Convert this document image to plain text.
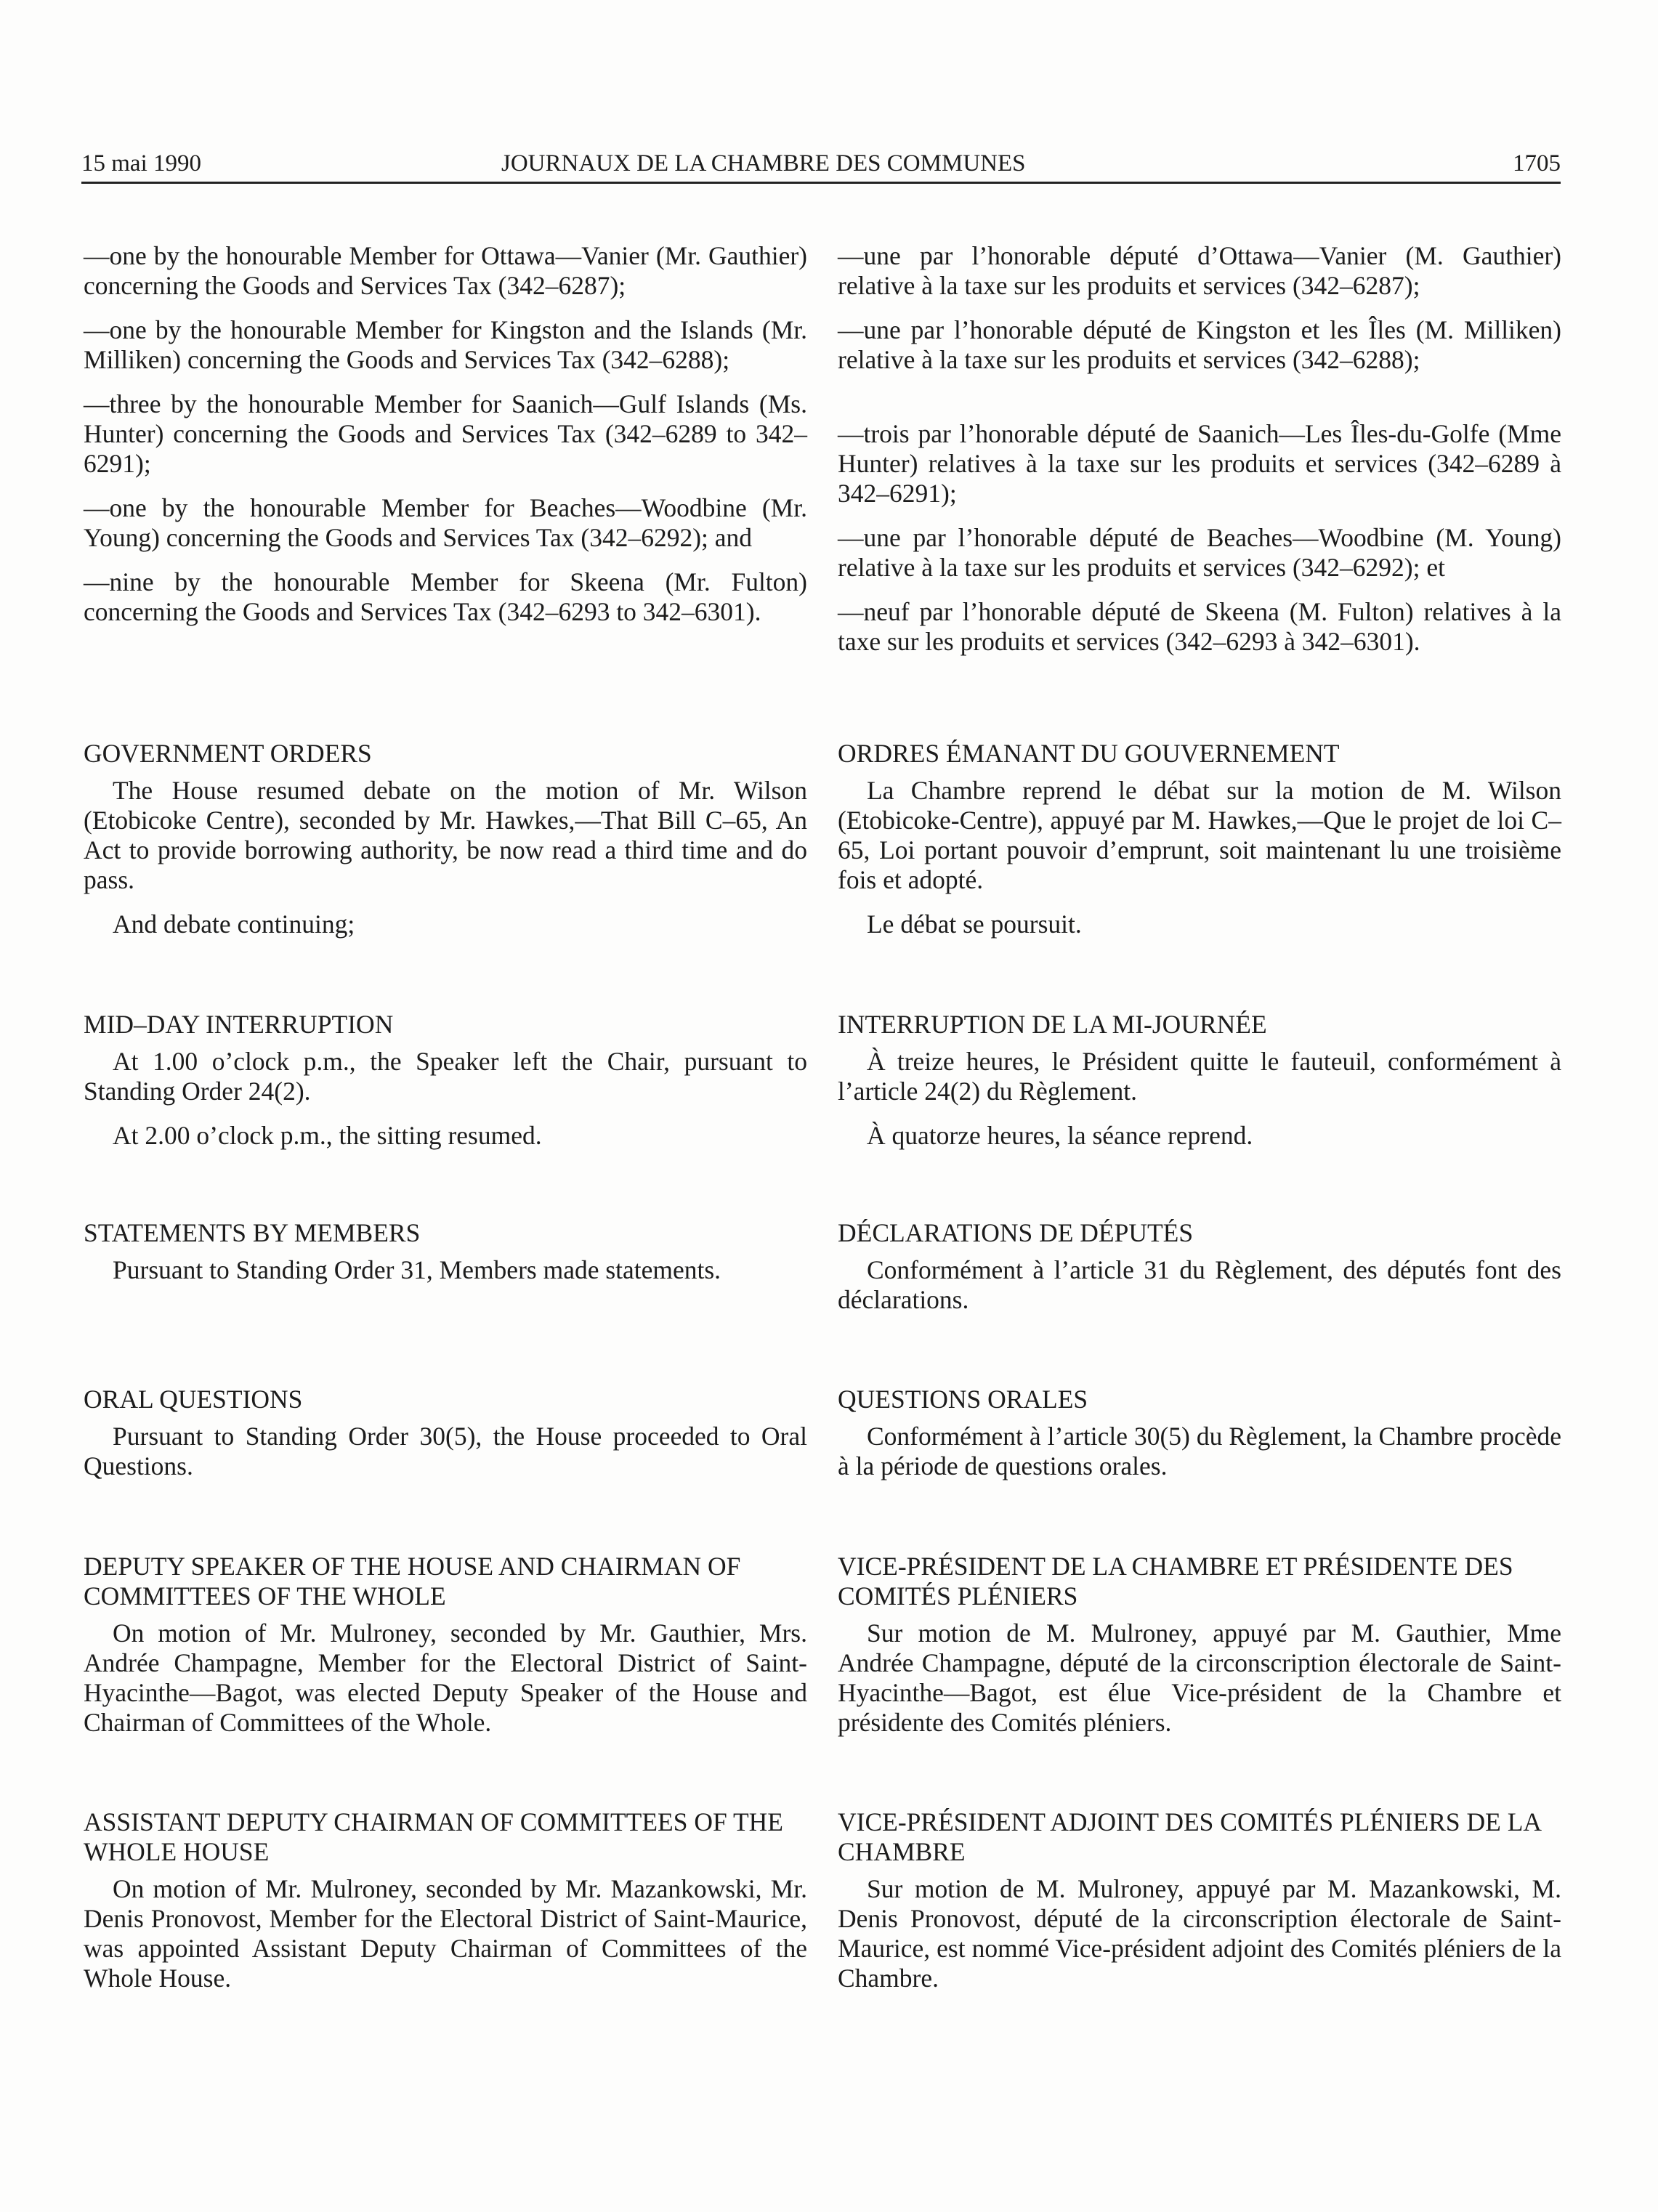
15 mai 1990	JOURNAUX DE LA CHAMBRE DES COMMUNES	1705

—one by the honourable Member for Ottawa—Vanier (Mr. Gauthier) concerning the Goods and Services Tax (342–6287);

—one by the honourable Member for Kingston and the Islands (Mr. Milliken) concerning the Goods and Services Tax (342–6288);

—three by the honourable Member for Saanich—Gulf Islands (Ms. Hunter) concerning the Goods and Services Tax (342–6289 to 342–6291);

—one by the honourable Member for Beaches—Woodbine (Mr. Young) concerning the Goods and Services Tax (342–6292); and

—nine by the honourable Member for Skeena (Mr. Fulton) concerning the Goods and Services Tax (342–6293 to 342–6301).

—une par l’honorable député d’Ottawa—Vanier (M. Gauthier) relative à la taxe sur les produits et services (342–6287);

—une par l’honorable député de Kingston et les Îles (M. Milliken) relative à la taxe sur les produits et services (342–6288);

—trois par l’honorable député de Saanich—Les Îles-du-Golfe (Mme Hunter) relatives à la taxe sur les produits et services (342–6289 à 342–6291);

—une par l’honorable député de Beaches—Woodbine (M. Young) relative à la taxe sur les produits et services (342–6292); et

—neuf par l’honorable député de Skeena (M. Fulton) relatives à la taxe sur les produits et services (342–6293 à 342–6301).

GOVERNMENT ORDERS

The House resumed debate on the motion of Mr. Wilson (Etobicoke Centre), seconded by Mr. Hawkes,—That Bill C–65, An Act to provide borrowing authority, be now read a third time and do pass.

And debate continuing;

ORDRES ÉMANANT DU GOUVERNEMENT

La Chambre reprend le débat sur la motion de M. Wilson (Etobicoke-Centre), appuyé par M. Hawkes,—Que le projet de loi C–65, Loi portant pouvoir d’emprunt, soit maintenant lu une troisième fois et adopté.

Le débat se poursuit.

MID–DAY INTERRUPTION

At 1.00 o’clock p.m., the Speaker left the Chair, pursuant to Standing Order 24(2).

At 2.00 o’clock p.m., the sitting resumed.

INTERRUPTION DE LA MI-JOURNÉE

À treize heures, le Président quitte le fauteuil, conformément à l’article 24(2) du Règlement.

À quatorze heures, la séance reprend.

STATEMENTS BY MEMBERS

Pursuant to Standing Order 31, Members made statements.

DÉCLARATIONS DE DÉPUTÉS

Conformément à l’article 31 du Règlement, des députés font des déclarations.

ORAL QUESTIONS

Pursuant to Standing Order 30(5), the House proceeded to Oral Questions.

QUESTIONS ORALES

Conformément à l’article 30(5) du Règlement, la Chambre procède à la période de questions orales.

DEPUTY SPEAKER OF THE HOUSE AND CHAIRMAN OF COMMITTEES OF THE WHOLE

On motion of Mr. Mulroney, seconded by Mr. Gauthier, Mrs. Andrée Champagne, Member for the Electoral District of Saint-Hyacinthe—Bagot, was elected Deputy Speaker of the House and Chairman of Committees of the Whole.

VICE-PRÉSIDENT DE LA CHAMBRE ET PRÉSIDENTE DES COMITÉS PLÉNIERS

Sur motion de M. Mulroney, appuyé par M. Gauthier, Mme Andrée Champagne, député de la circonscription électorale de Saint-Hyacinthe—Bagot, est élue Vice-président de la Chambre et présidente des Comités pléniers.

ASSISTANT DEPUTY CHAIRMAN OF COMMITTEES OF THE WHOLE HOUSE

On motion of Mr. Mulroney, seconded by Mr. Mazankowski, Mr. Denis Pronovost, Member for the Electoral District of Saint-Maurice, was appointed Assistant Deputy Chairman of Committees of the Whole House.

VICE-PRÉSIDENT ADJOINT DES COMITÉS PLÉNIERS DE LA CHAMBRE

Sur motion de M. Mulroney, appuyé par M. Mazankowski, M. Denis Pronovost, député de la circonscription électorale de Saint-Maurice, est nommé Vice-président adjoint des Comités pléniers de la Chambre.
